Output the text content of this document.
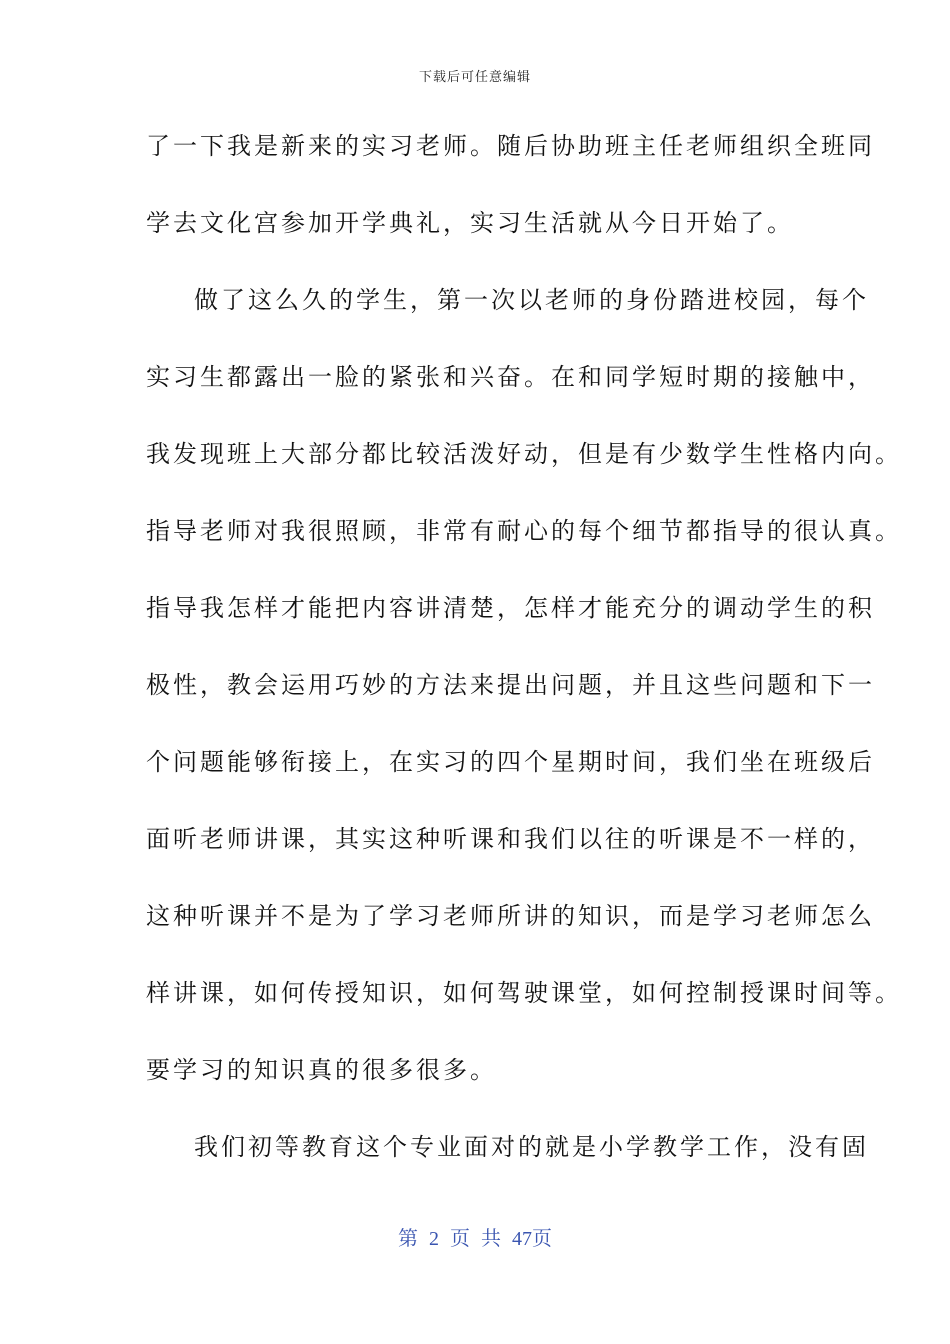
下载后可任意编辑
了一下我是新来的实习老师。随后协助班主任老师组织全班同
学去文化宫参加开学典礼，实习生活就从今日开始了。
做了这么久的学生，第一次以老师的身份踏进校园，每个
实习生都露出一脸的紧张和兴奋。在和同学短时期的接触中，
我发现班上大部分都比较活泼好动，但是有少数学生性格内向。
指导老师对我很照顾，非常有耐心的每个细节都指导的很认真。
指导我怎样才能把内容讲清楚，怎样才能充分的调动学生的积
极性，教会运用巧妙的方法来提出问题，并且这些问题和下一
个问题能够衔接上，在实习的四个星期时间，我们坐在班级后
面听老师讲课，其实这种听课和我们以往的听课是不一样的，
这种听课并不是为了学习老师所讲的知识，而是学习老师怎么
样讲课，如何传授知识，如何驾驶课堂，如何控制授课时间等。
要学习的知识真的很多很多。
我们初等教育这个专业面对的就是小学教学工作，没有固
第 2 页 共 47页
